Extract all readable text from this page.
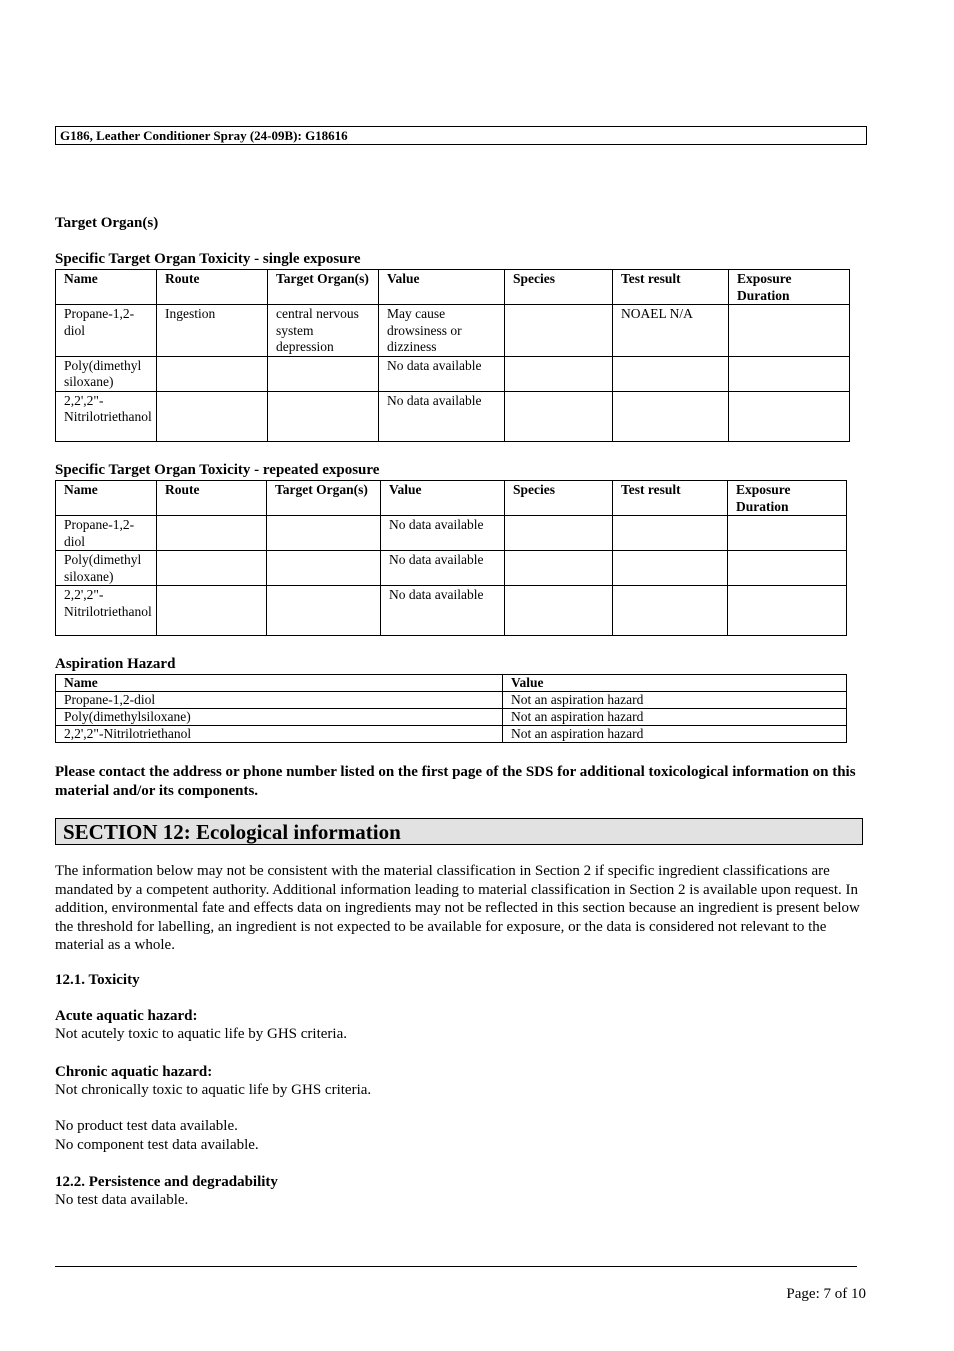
G186, Leather Conditioner Spray (24-09B): G18616
Target Organ(s)
Specific Target Organ Toxicity - single exposure
Name	Route	Target Organ(s)	Value	Species	Test result	Exposure Duration
Propane-1,2-diol	Ingestion	central nervous system depression	May cause drowsiness or dizziness		NOAEL N/A	
Poly(dimethyl siloxane)			No data available			
2,2',2"-Nitrilotriethanol			No data available			
Specific Target Organ Toxicity - repeated exposure
Name	Route	Target Organ(s)	Value	Species	Test result	Exposure Duration
Propane-1,2-diol			No data available			
Poly(dimethyl siloxane)			No data available			
2,2',2"-Nitrilotriethanol			No data available			
Aspiration Hazard
Name	Value
Propane-1,2-diol	Not an aspiration hazard
Poly(dimethylsiloxane)	Not an aspiration hazard
2,2',2"-Nitrilotriethanol	Not an aspiration hazard
Please contact the address or phone number listed on the first page of the SDS for additional toxicological information on this material and/or its components.
SECTION 12: Ecological information
The information below may not be consistent with the material classification in Section 2 if specific ingredient classifications are mandated by a competent authority. Additional information leading to material classification in Section 2 is available upon request. In addition, environmental fate and effects data on ingredients may not be reflected in this section because an ingredient is present below the threshold for labelling, an ingredient is not expected to be available for exposure, or the data is considered not relevant to the material as a whole.
12.1. Toxicity
Acute aquatic hazard:
Not acutely toxic to aquatic life by GHS criteria.
Chronic aquatic hazard:
Not chronically toxic to aquatic life by GHS criteria.
No product test data available.
No component test data available.
12.2. Persistence and degradability
No test data available.
Page: 7 of 10
